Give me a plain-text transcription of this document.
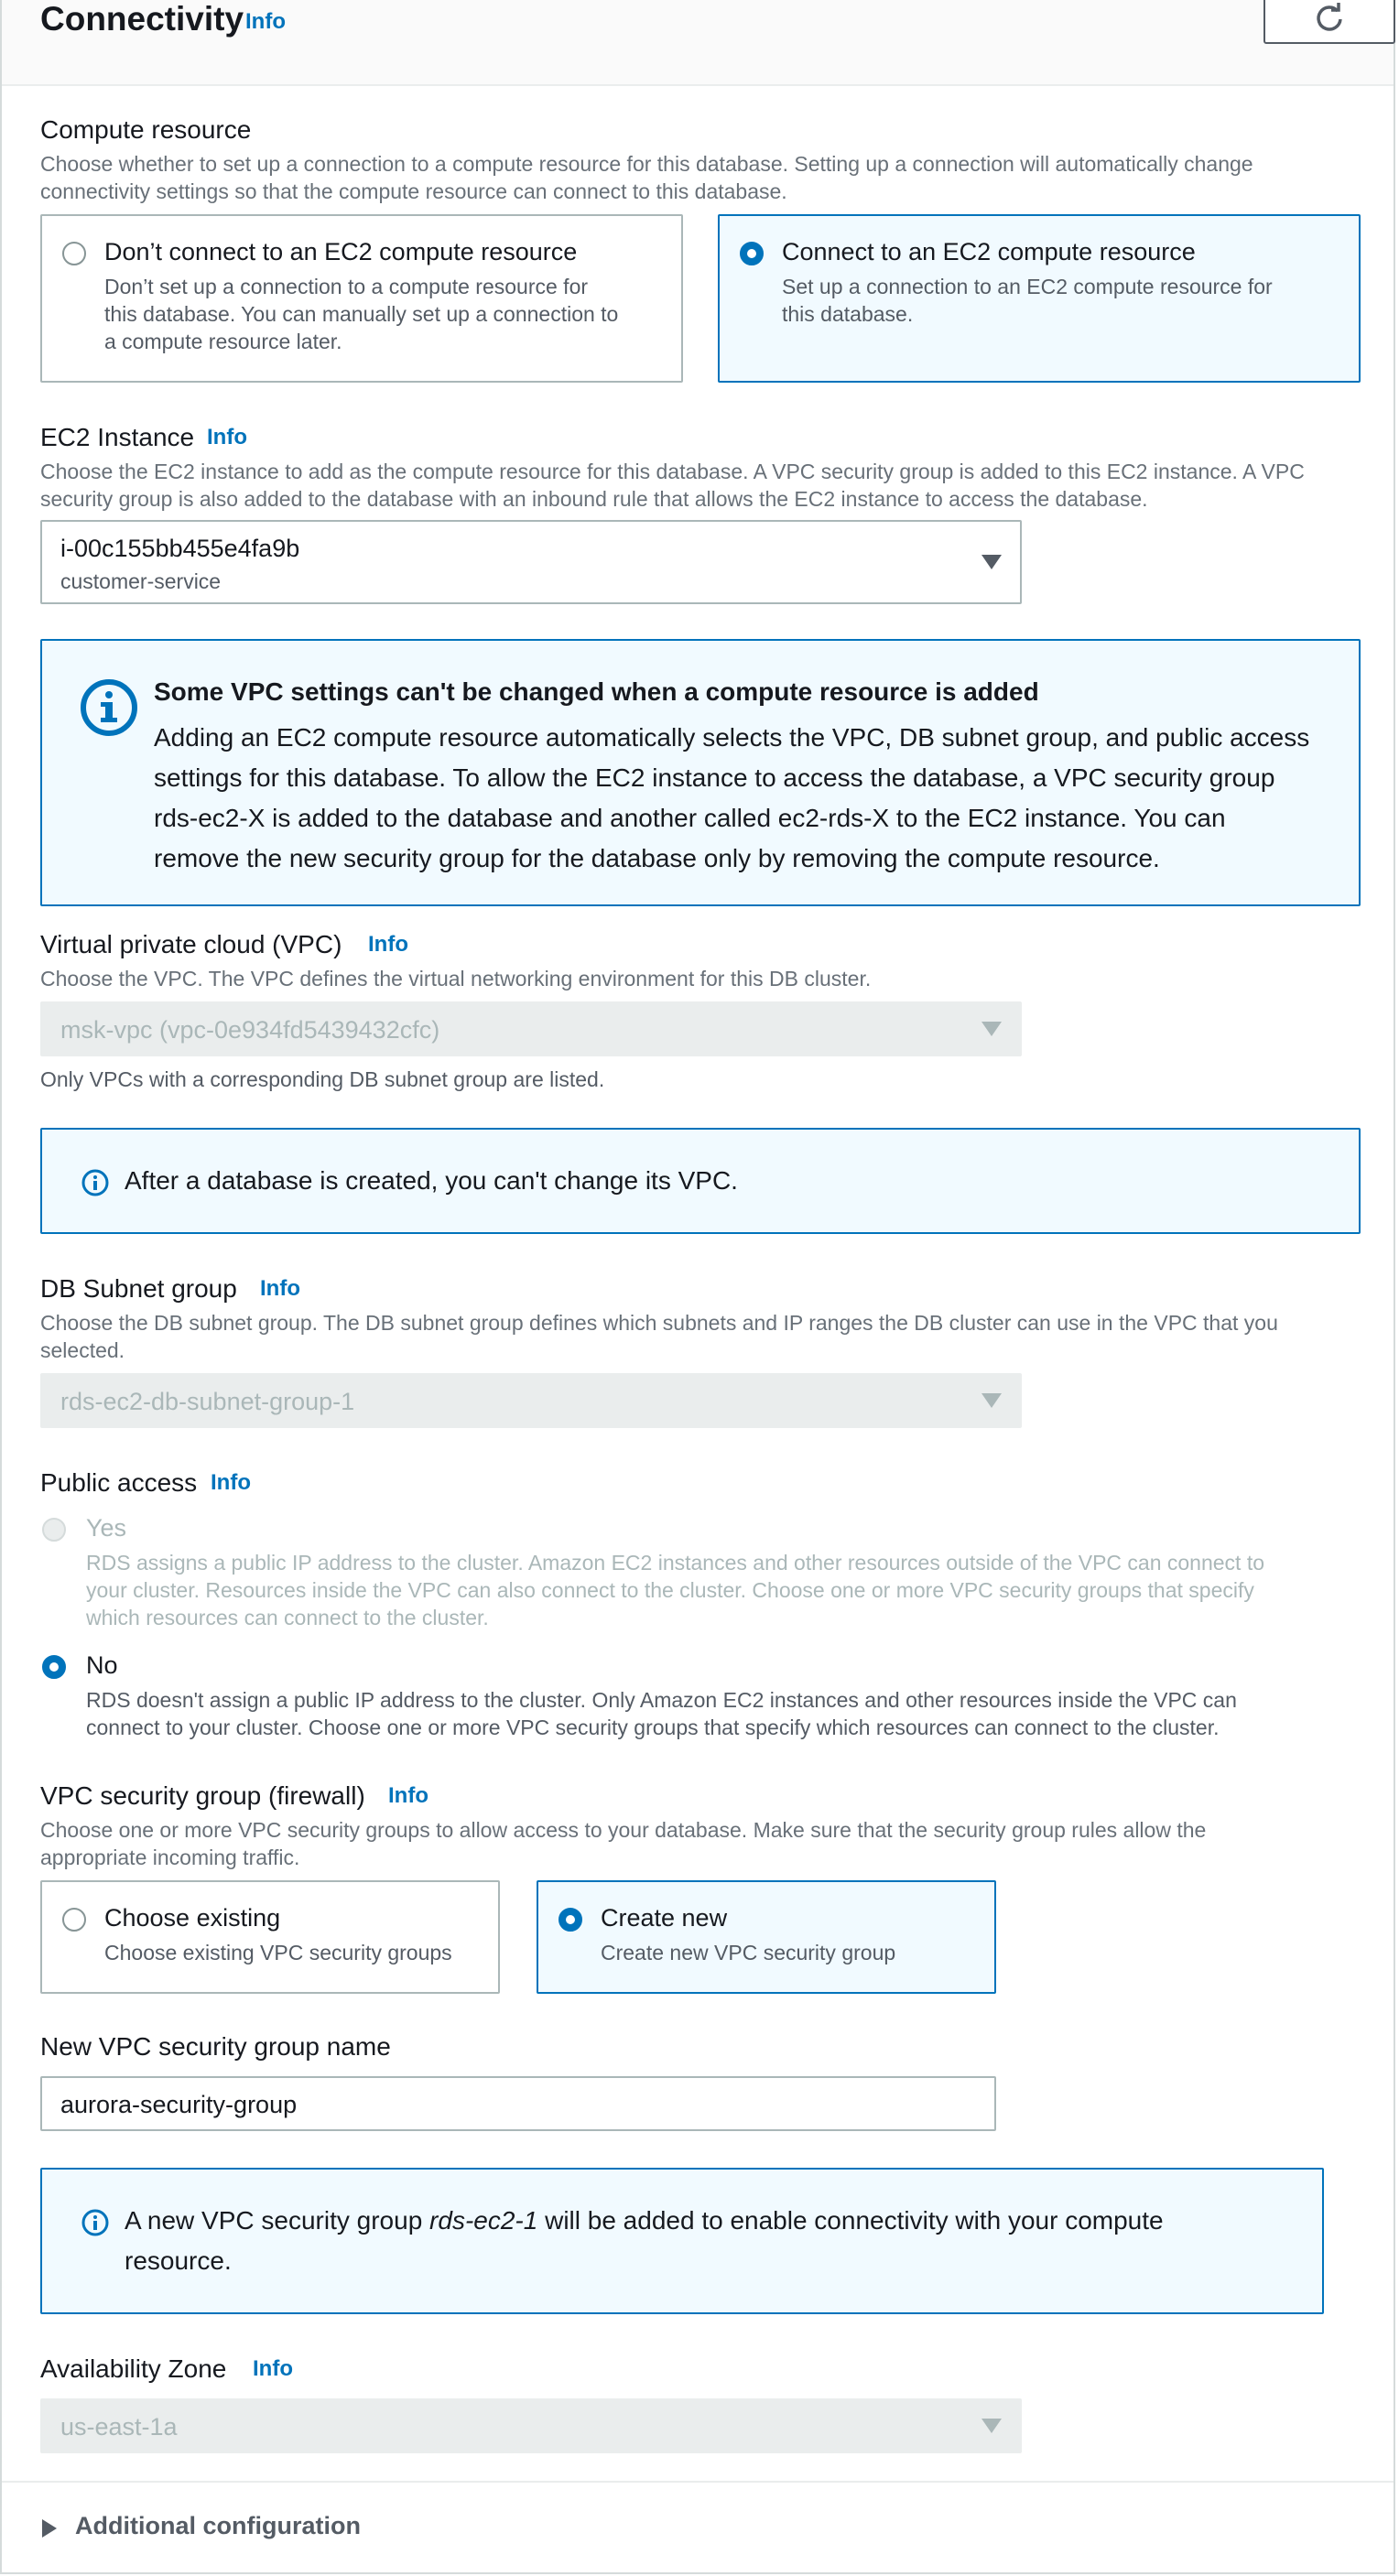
Connectivity Info
Compute resource
Choose whether to set up a connection to a compute resource for this database. Setting up a connection will automatically change
connectivity settings so that the compute resource can connect to this database.
Don’t connect to an EC2 compute resource
Don’t set up a connection to a compute resource for
this database. You can manually set up a connection to
a compute resource later.
Connect to an EC2 compute resource
Set up a connection to an EC2 compute resource for
this database.
EC2 Instance Info
Choose the EC2 instance to add as the compute resource for this database. A VPC security group is added to this EC2 instance. A VPC
security group is also added to the database with an inbound rule that allows the EC2 instance to access the database.
i-00c155bb455e4fa9b
customer-service
Some VPC settings can't be changed when a compute resource is added
Adding an EC2 compute resource automatically selects the VPC, DB subnet group, and public access
settings for this database. To allow the EC2 instance to access the database, a VPC security group
rds-ec2-X is added to the database and another called ec2-rds-X to the EC2 instance. You can
remove the new security group for the database only by removing the compute resource.
Virtual private cloud (VPC) Info
Choose the VPC. The VPC defines the virtual networking environment for this DB cluster.
msk-vpc (vpc-0e934fd5439432cfc)
Only VPCs with a corresponding DB subnet group are listed.
After a database is created, you can't change its VPC.
DB Subnet group Info
Choose the DB subnet group. The DB subnet group defines which subnets and IP ranges the DB cluster can use in the VPC that you
selected.
rds-ec2-db-subnet-group-1
Public access Info
Yes
RDS assigns a public IP address to the cluster. Amazon EC2 instances and other resources outside of the VPC can connect to
your cluster. Resources inside the VPC can also connect to the cluster. Choose one or more VPC security groups that specify
which resources can connect to the cluster.
No
RDS doesn't assign a public IP address to the cluster. Only Amazon EC2 instances and other resources inside the VPC can
connect to your cluster. Choose one or more VPC security groups that specify which resources can connect to the cluster.
VPC security group (firewall) Info
Choose one or more VPC security groups to allow access to your database. Make sure that the security group rules allow the
appropriate incoming traffic.
Choose existing
Choose existing VPC security groups
Create new
Create new VPC security group
New VPC security group name
aurora-security-group
A new VPC security group rds-ec2-1 will be added to enable connectivity with your compute
resource.
Availability Zone Info
us-east-1a
Additional configuration
